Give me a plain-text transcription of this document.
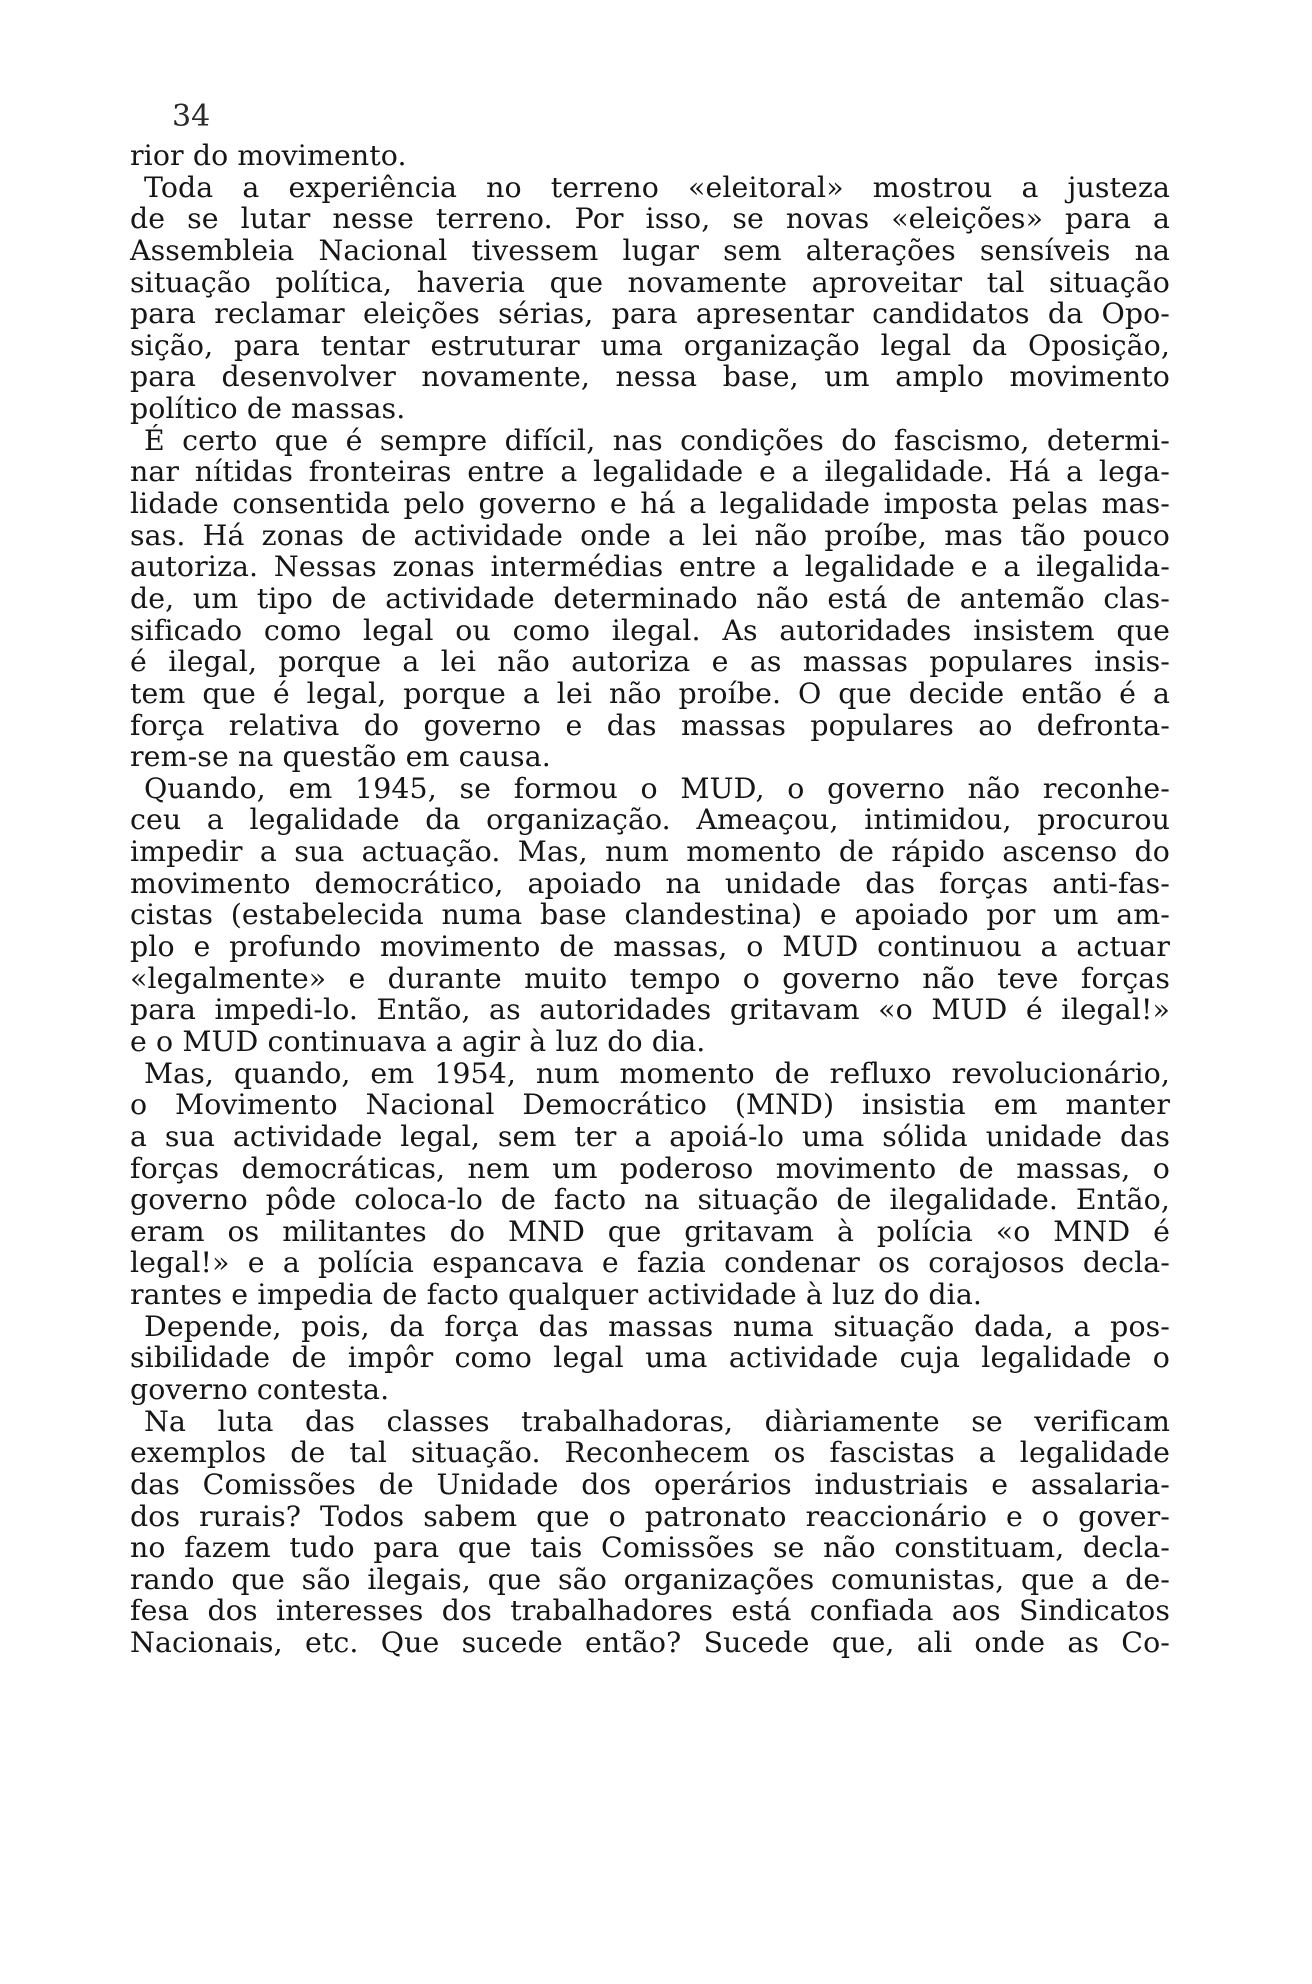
34
rior do movimento.
Toda a experiência no terreno «eleitoral» mostrou a justeza
de se lutar nesse terreno. Por isso, se novas «eleições» para a
Assembleia Nacional tivessem lugar sem alterações sensíveis na
situação política, haveria que novamente aproveitar tal situação
para reclamar eleições sérias, para apresentar candidatos da Opo-
sição, para tentar estruturar uma organização legal da Oposição,
para desenvolver novamente, nessa base, um amplo movimento
político de massas.
É certo que é sempre difícil, nas condições do fascismo, determi-
nar nítidas fronteiras entre a legalidade e a ilegalidade. Há a lega-
lidade consentida pelo governo e há a legalidade imposta pelas mas-
sas. Há zonas de actividade onde a lei não proíbe, mas tão pouco
autoriza. Nessas zonas intermédias entre a legalidade e a ilegalida-
de, um tipo de actividade determinado não está de antemão clas-
sificado como legal ou como ilegal. As autoridades insistem que
é ilegal, porque a lei não autoriza e as massas populares insis-
tem que é legal, porque a lei não proíbe. O que decide então é a
força relativa do governo e das massas populares ao defronta-
rem-se na questão em causa.
Quando, em 1945, se formou o MUD, o governo não reconhe-
ceu a legalidade da organização. Ameaçou, intimidou, procurou
impedir a sua actuação. Mas, num momento de rápido ascenso do
movimento democrático, apoiado na unidade das forças anti-fas-
cistas (estabelecida numa base clandestina) e apoiado por um am-
plo e profundo movimento de massas, o MUD continuou a actuar
«legalmente» e durante muito tempo o governo não teve forças
para impedi-lo. Então, as autoridades gritavam «o MUD é ilegal!»
e o MUD continuava a agir à luz do dia.
Mas, quando, em 1954, num momento de refluxo revolucionário,
o Movimento Nacional Democrático (MND) insistia em manter
a sua actividade legal, sem ter a apoiá-lo uma sólida unidade das
forças democráticas, nem um poderoso movimento de massas, o
governo pôde coloca-lo de facto na situação de ilegalidade. Então,
eram os militantes do MND que gritavam à polícia «o MND é
legal!» e a polícia espancava e fazia condenar os corajosos decla-
rantes e impedia de facto qualquer actividade à luz do dia.
Depende, pois, da força das massas numa situação dada, a pos-
sibilidade de impôr como legal uma actividade cuja legalidade o
governo contesta.
Na luta das classes trabalhadoras, diàriamente se verificam
exemplos de tal situação. Reconhecem os fascistas a legalidade
das Comissões de Unidade dos operários industriais e assalaria-
dos rurais? Todos sabem que o patronato reaccionário e o gover-
no fazem tudo para que tais Comissões se não constituam, decla-
rando que são ilegais, que são organizações comunistas, que a de-
fesa dos interesses dos trabalhadores está confiada aos Sindicatos
Nacionais, etc. Que sucede então? Sucede que, ali onde as Co-
